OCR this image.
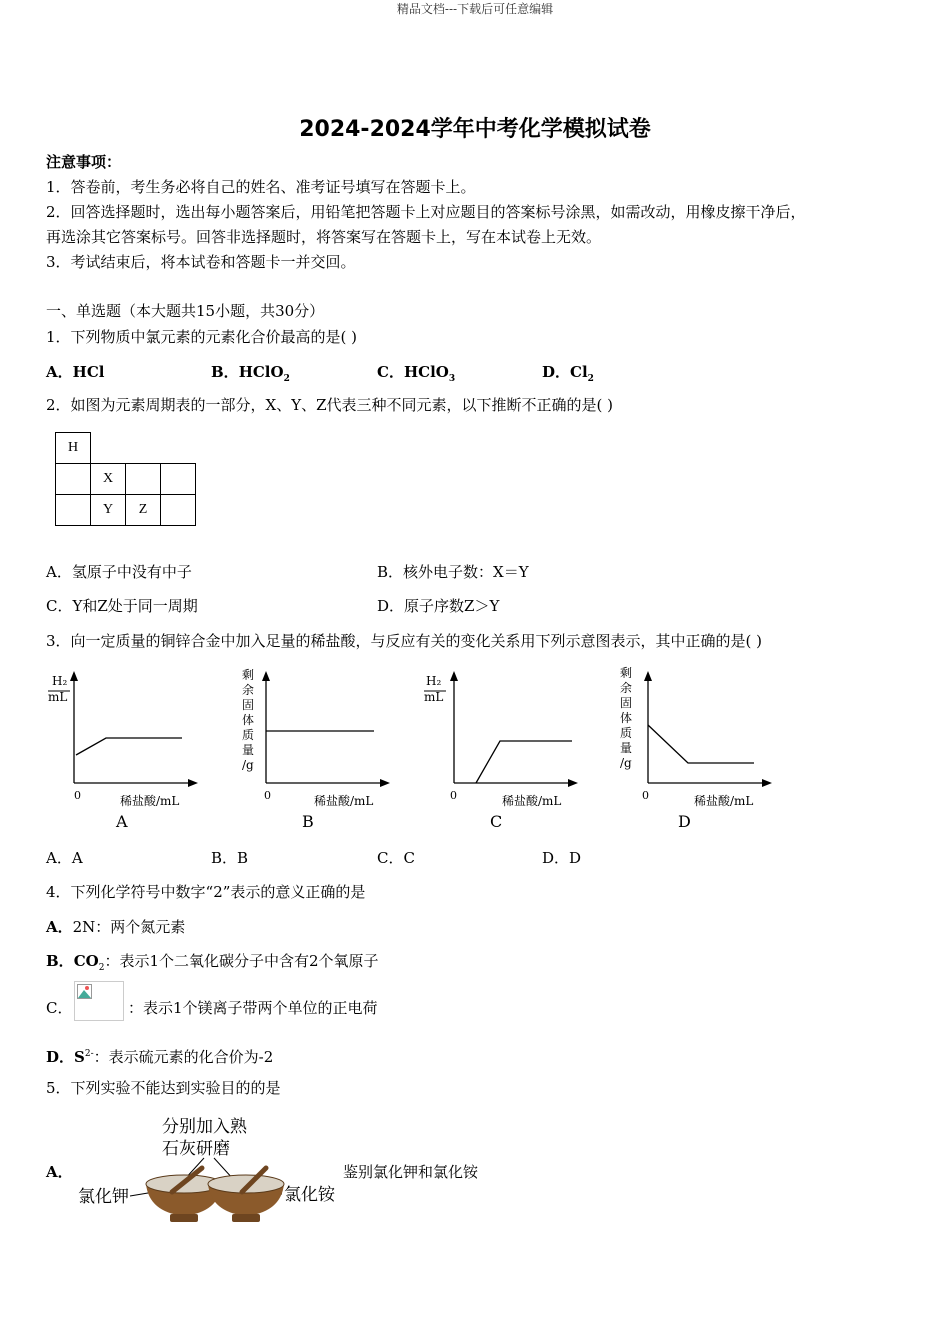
精品文档---下载后可任意编辑
2024-2024学年中考化学模拟试卷
注意事项：
1．答卷前，考生务必将自己的姓名、准考证号填写在答题卡上。
2．回答选择题时，选出每小题答案后，用铅笔把答题卡上对应题目的答案标号涂黑，如需改动，用橡皮擦干净后，
再选涂其它答案标号。回答非选择题时，将答案写在答题卡上，写在本试卷上无效。
3．考试结束后，将本试卷和答题卡一并交回。
一、单选题（本大题共15小题，共30分）
1．下列物质中氯元素的元素化合价最高的是( )
A．HCl	B．HClO$_2$	C．HClO$_3$	D．$Cl_2$
2．如图为元素周期表的一部分，X、Y、Z代表三种不同元素，以下推断不正确的是( )
H			
	X		
	Y	Z	
A．氢原子中没有中子	B．核外电子数：X＝Y
C．Y和Z处于同一周期	D．原子序数Z＞Y
3．向一定质量的铜锌合金中加入足量的稀盐酸，与反应有关的变化关系用下列示意图表示，其中正确的是( )
H₂
mL
0	稀盐酸/mL
A
剩
余
固
体
质
量
/g
0	稀盐酸/mL
B
H₂
mL
0	稀盐酸/mL
C
剩
余
固
体
质
量
/g
0	稀盐酸/mL
D
A．A	B．B	C．C	D．D
4．下列化学符号中数字“2”表示的意义正确的是
A．2N：两个氮元素
B．$CO_2$：表示1个二氧化碳分子中含有2个氧原子
C．	：表示1个镁离子带两个单位的正电荷
D．$S^{2-}$：表示硫元素的化合价为-2
5．下列实验不能达到实验目的的是
A．
分别加入熟
石灰研磨
氯化钾	氯化铵
鉴别氯化钾和氯化铵
